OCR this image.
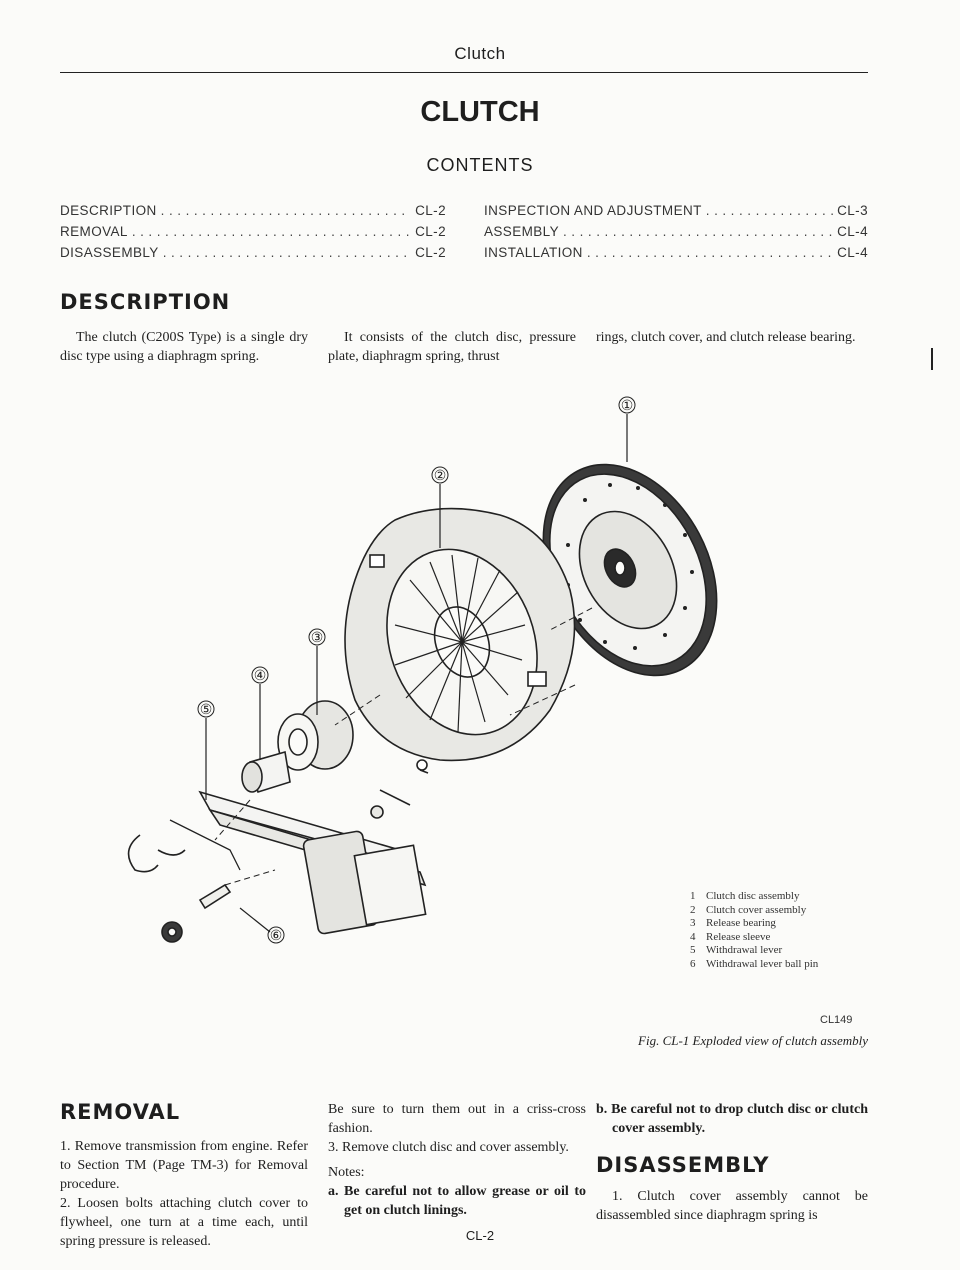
Clutch
CLUTCH
CONTENTS
DESCRIPTION . . .	CL-2
REMOVAL . . .	CL-2
DISASSEMBLY . . .	CL-2
INSPECTION AND ADJUSTMENT . . .	CL-3
ASSEMBLY . . .	CL-4
INSTALLATION . . .	CL-4
DESCRIPTION
The clutch (C200S Type) is a single dry disc type using a diaphragm spring.
It consists of the clutch disc, pressure plate, diaphragm spring, thrust
rings, clutch cover, and clutch release bearing.
①
②
③
④
⑤
⑥
1 Clutch disc assembly
2 Clutch cover assembly
3 Release bearing
4 Release sleeve
5 Withdrawal lever
6 Withdrawal lever ball pin
CL149
Fig. CL-1 Exploded view of clutch assembly
REMOVAL

1. Remove transmission from engine. Refer to Section TM (Page TM-3) for Removal procedure.

2. Loosen bolts attaching clutch cover to flywheel, one turn at a time each, until spring pressure is released.

Be sure to turn them out in a criss-cross fashion.

3. Remove clutch disc and cover assembly.

Notes:

a. Be careful not to allow grease or oil to get on clutch linings.

b. Be careful not to drop clutch disc or clutch cover assembly.

DISASSEMBLY
1. Clutch cover assembly cannot be disassembled since diaphragm spring is
CL-2
